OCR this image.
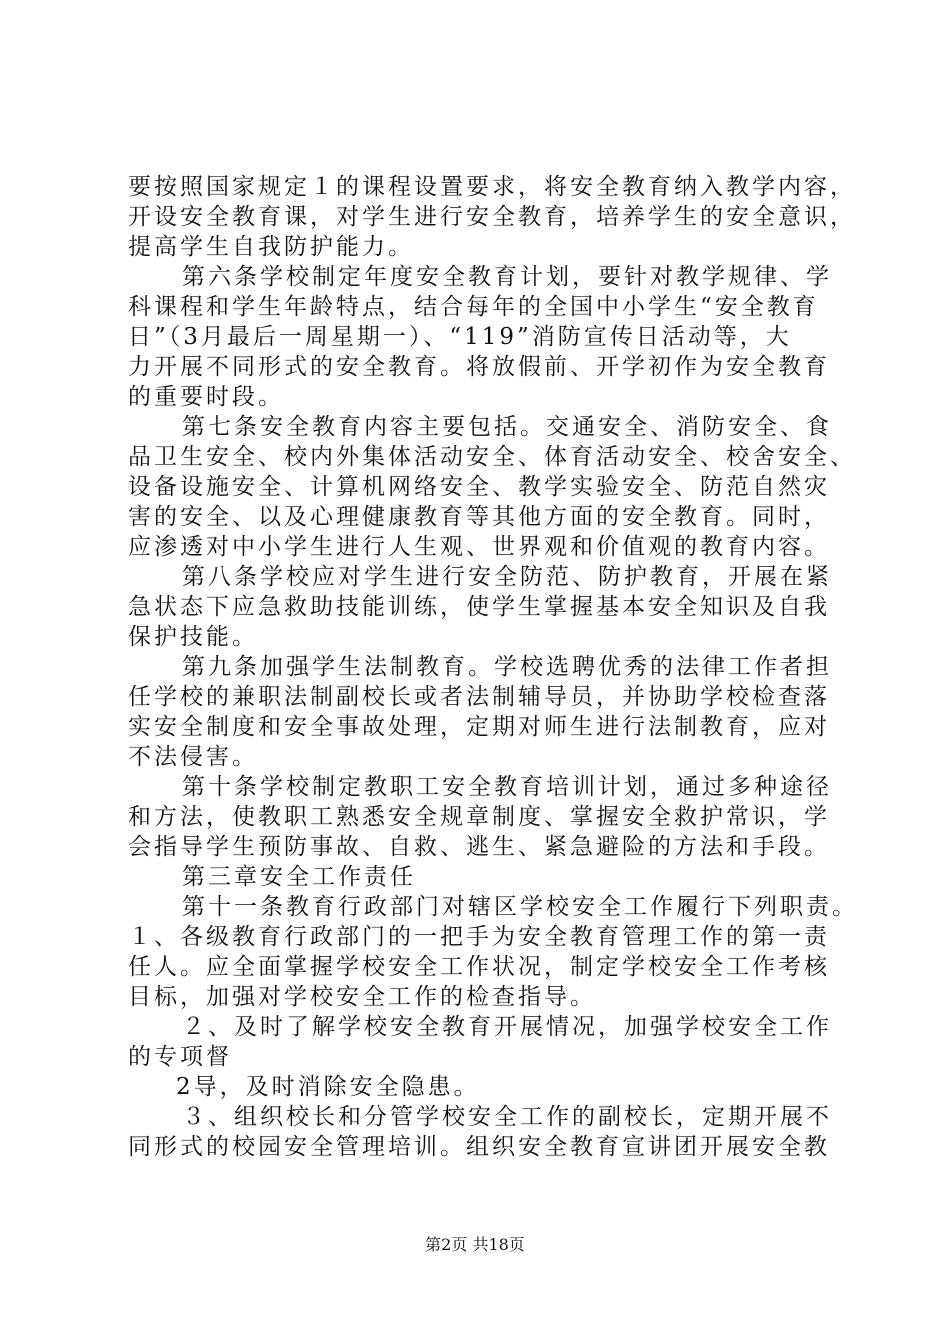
要按照国家规定１的课程设置要求，将安全教育纳入教学内容，
开设安全教育课，对学生进行安全教育，培养学生的安全意识，
提高学生自我防护能力。
第六条学校制定年度安全教育计划，要针对教学规律、学
科课程和学生年龄特点，结合每年的全国中小学生“安全教育
日”（3月最后一周星期一）、“119”消防宣传日活动等，大
力开展不同形式的安全教育。将放假前、开学初作为安全教育
的重要时段。
第七条安全教育内容主要包括。交通安全、消防安全、食
品卫生安全、校内外集体活动安全、体育活动安全、校舍安全、
设备设施安全、计算机网络安全、教学实验安全、防范自然灾
害的安全、以及心理健康教育等其他方面的安全教育。同时，
应渗透对中小学生进行人生观、世界观和价值观的教育内容。
第八条学校应对学生进行安全防范、防护教育，开展在紧
急状态下应急救助技能训练，使学生掌握基本安全知识及自我
保护技能。
第九条加强学生法制教育。学校选聘优秀的法律工作者担
任学校的兼职法制副校长或者法制辅导员，并协助学校检查落
实安全制度和安全事故处理，定期对师生进行法制教育，应对
不法侵害。
第十条学校制定教职工安全教育培训计划，通过多种途径
和方法，使教职工熟悉安全规章制度、掌握安全救护常识，学
会指导学生预防事故、自救、逃生、紧急避险的方法和手段。
第三章安全工作责任
第十一条教育行政部门对辖区学校安全工作履行下列职责。
１、各级教育行政部门的一把手为安全教育管理工作的第一责
任人。应全面掌握学校安全工作状况，制定学校安全工作考核
目标，加强对学校安全工作的检查指导。
２、及时了解学校安全教育开展情况，加强学校安全工作
的专项督
2导，及时消除安全隐患。
３、组织校长和分管学校安全工作的副校长，定期开展不
同形式的校园安全管理培训。组织安全教育宣讲团开展安全教
第2页 共18页
